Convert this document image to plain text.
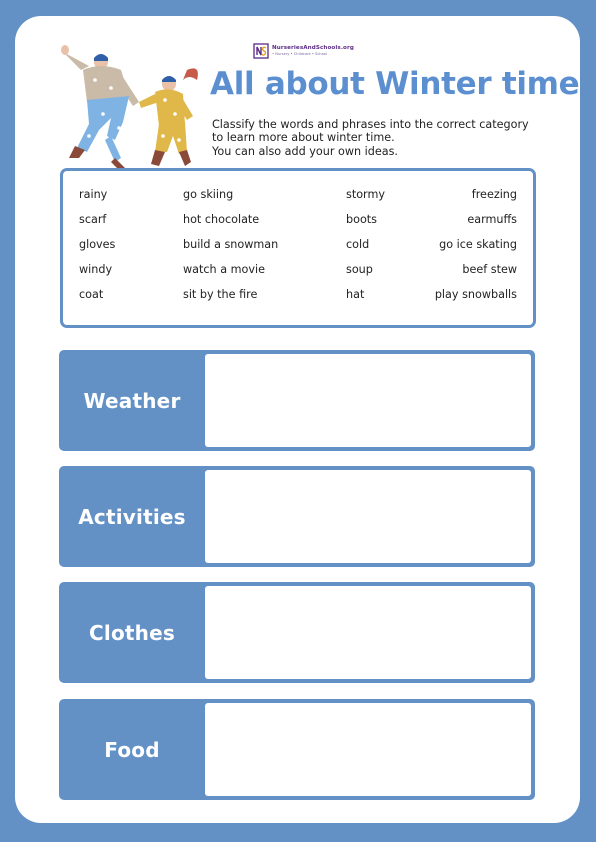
NurseriesAndSchools.org
• Nursery • Childcare • School
All about Winter time
Classify the words and phrases into the correct category
to learn more about winter time.
You can also add your own ideas.
rainy	go skiing	stormy	freezing
scarf	hot chocolate	boots	earmuffs
gloves	build a snowman	cold	go ice skating
windy	watch a movie	soup	beef stew
coat	sit by the fire	hat	play snowballs
Weather
Activities
Clothes
Food
